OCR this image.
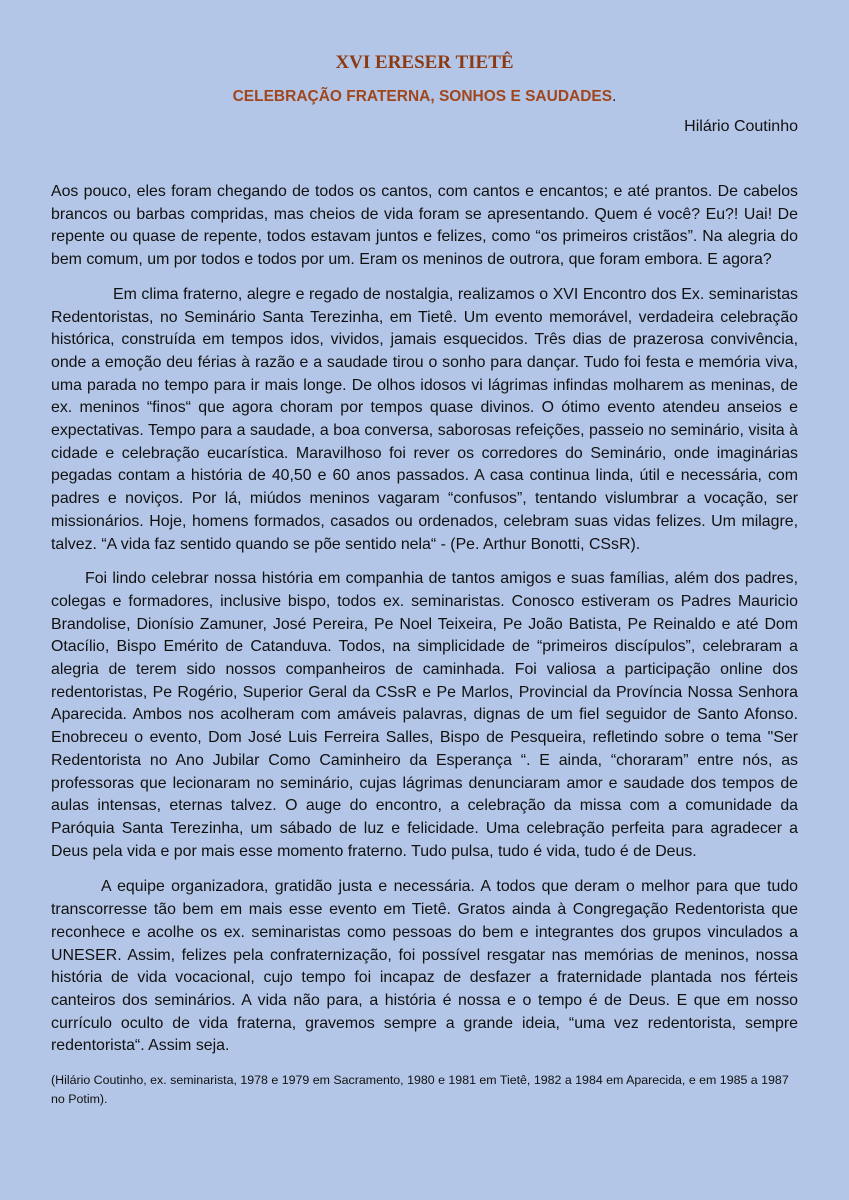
XVI ERESER TIETÊ
CELEBRAÇÃO FRATERNA, SONHOS E SAUDADES.
Hilário Coutinho

Aos pouco, eles foram chegando de todos os cantos, com cantos e encantos; e até prantos. De cabelos brancos ou barbas compridas, mas cheios de vida foram se apresentando. Quem é você? Eu?! Uai! De repente ou quase de repente, todos estavam juntos e felizes, como “os primeiros cristãos”. Na alegria do bem comum, um por todos e todos por um. Eram os meninos de outrora, que foram embora. E agora?

Em clima fraterno, alegre e regado de nostalgia, realizamos o XVI Encontro dos Ex. seminaristas Redentoristas, no Seminário Santa Terezinha, em Tietê. Um evento memorável, verdadeira celebração histórica, construída em tempos idos, vividos, jamais esquecidos. Três dias de prazerosa convivência, onde a emoção deu férias à razão e a saudade tirou o sonho para dançar. Tudo foi festa e memória viva, uma parada no tempo para ir mais longe. De olhos idosos vi lágrimas infindas molharem as meninas, de ex. meninos “finos“ que agora choram por tempos quase divinos. O ótimo evento atendeu anseios e expectativas. Tempo para a saudade, a boa conversa, saborosas refeições, passeio no seminário, visita à cidade e celebração eucarística. Maravilhoso foi rever os corredores do Seminário, onde imaginárias pegadas contam a história de 40,50 e 60 anos passados. A casa continua linda, útil e necessária, com padres e noviços. Por lá, miúdos meninos vagaram “confusos”, tentando vislumbrar a vocação, ser missionários. Hoje, homens formados, casados ou ordenados, celebram suas vidas felizes. Um milagre, talvez. “A vida faz sentido quando se põe sentido nela“ - (Pe. Arthur Bonotti, CSsR).

Foi lindo celebrar nossa história em companhia de tantos amigos e suas famílias, além dos padres, colegas e formadores, inclusive bispo, todos ex. seminaristas. Conosco estiveram os Padres Mauricio Brandolise, Dionísio Zamuner, José Pereira, Pe Noel Teixeira, Pe João Batista, Pe Reinaldo e até Dom Otacílio, Bispo Emérito de Catanduva. Todos, na simplicidade de “primeiros discípulos”, celebraram a alegria de terem sido nossos companheiros de caminhada. Foi valiosa a participação online dos redentoristas, Pe Rogério, Superior Geral da CSsR e Pe Marlos, Provincial da Província Nossa Senhora Aparecida. Ambos nos acolheram com amáveis palavras, dignas de um fiel seguidor de Santo Afonso. Enobreceu o evento, Dom José Luis Ferreira Salles, Bispo de Pesqueira, refletindo sobre o tema "Ser Redentorista no Ano Jubilar Como Caminheiro da Esperança “. E ainda, “choraram” entre nós, as professoras que lecionaram no seminário, cujas lágrimas denunciaram amor e saudade dos tempos de aulas intensas, eternas talvez. O auge do encontro, a celebração da missa com a comunidade da Paróquia Santa Terezinha, um sábado de luz e felicidade. Uma celebração perfeita para agradecer a Deus pela vida e por mais esse momento fraterno. Tudo pulsa, tudo é vida, tudo é de Deus.

A equipe organizadora, gratidão justa e necessária. A todos que deram o melhor para que tudo transcorresse tão bem em mais esse evento em Tietê. Gratos ainda à Congregação Redentorista que reconhece e acolhe os ex. seminaristas como pessoas do bem e integrantes dos grupos vinculados a UNESER. Assim, felizes pela confraternização, foi possível resgatar nas memórias de meninos, nossa história de vida vocacional, cujo tempo foi incapaz de desfazer a fraternidade plantada nos férteis canteiros dos seminários. A vida não para, a história é nossa e o tempo é de Deus. E que em nosso currículo oculto de vida fraterna, gravemos sempre a grande ideia, “uma vez redentorista, sempre redentorista“. Assim seja.

(Hilário Coutinho, ex. seminarista, 1978 e 1979 em Sacramento, 1980 e 1981 em Tietê, 1982 a 1984 em Aparecida, e em 1985 a 1987 no Potim).
